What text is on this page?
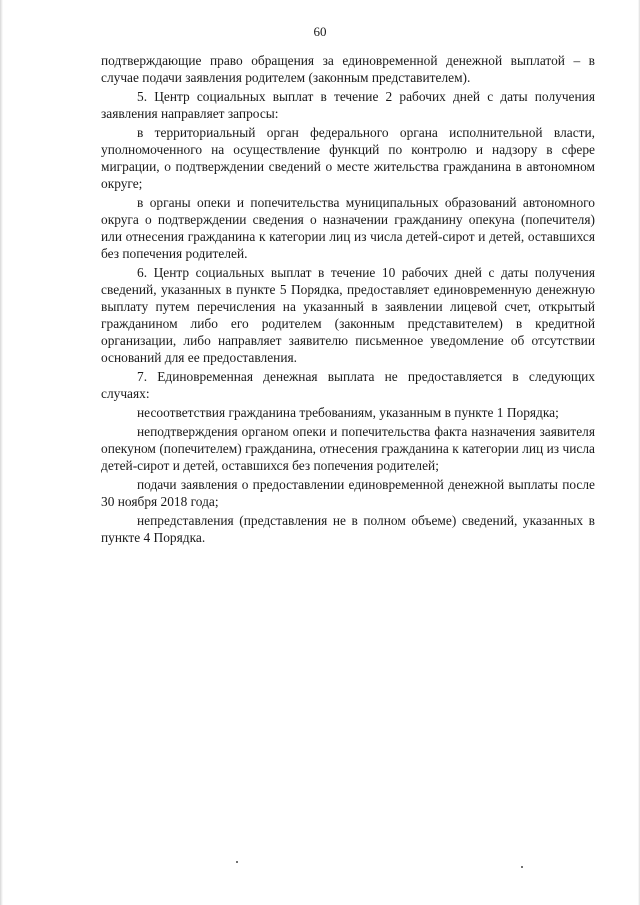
60

подтверждающие право обращения за единовременной денежной выплатой – в случае подачи заявления родителем (законным представителем).

5. Центр социальных выплат в течение 2 рабочих дней с даты получения заявления направляет запросы:

в территориальный орган федерального органа исполнительной власти, уполномоченного на осуществление функций по контролю и надзору в сфере миграции, о подтверждении сведений о месте жительства гражданина в автономном округе;

в органы опеки и попечительства муниципальных образований автономного округа о подтверждении сведения о назначении гражданину опекуна (попечителя) или отнесения гражданина к категории лиц из числа детей-сирот и детей, оставшихся без попечения родителей.

6. Центр социальных выплат в течение 10 рабочих дней с даты получения сведений, указанных в пункте 5 Порядка, предоставляет единовременную денежную выплату путем перечисления на указанный в заявлении лицевой счет, открытый гражданином либо его родителем (законным представителем) в кредитной организации, либо направляет заявителю письменное уведомление об отсутствии оснований для ее предоставления.

7. Единовременная денежная выплата не предоставляется в следующих случаях:

несоответствия гражданина требованиям, указанным в пункте 1 Порядка;

неподтверждения органом опеки и попечительства факта назначения заявителя опекуном (попечителем) гражданина, отнесения гражданина к категории лиц из числа детей-сирот и детей, оставшихся без попечения родителей;

подачи заявления о предоставлении единовременной денежной выплаты после 30 ноября 2018 года;

непредставления (представления не в полном объеме) сведений, указанных в пункте 4 Порядка.
